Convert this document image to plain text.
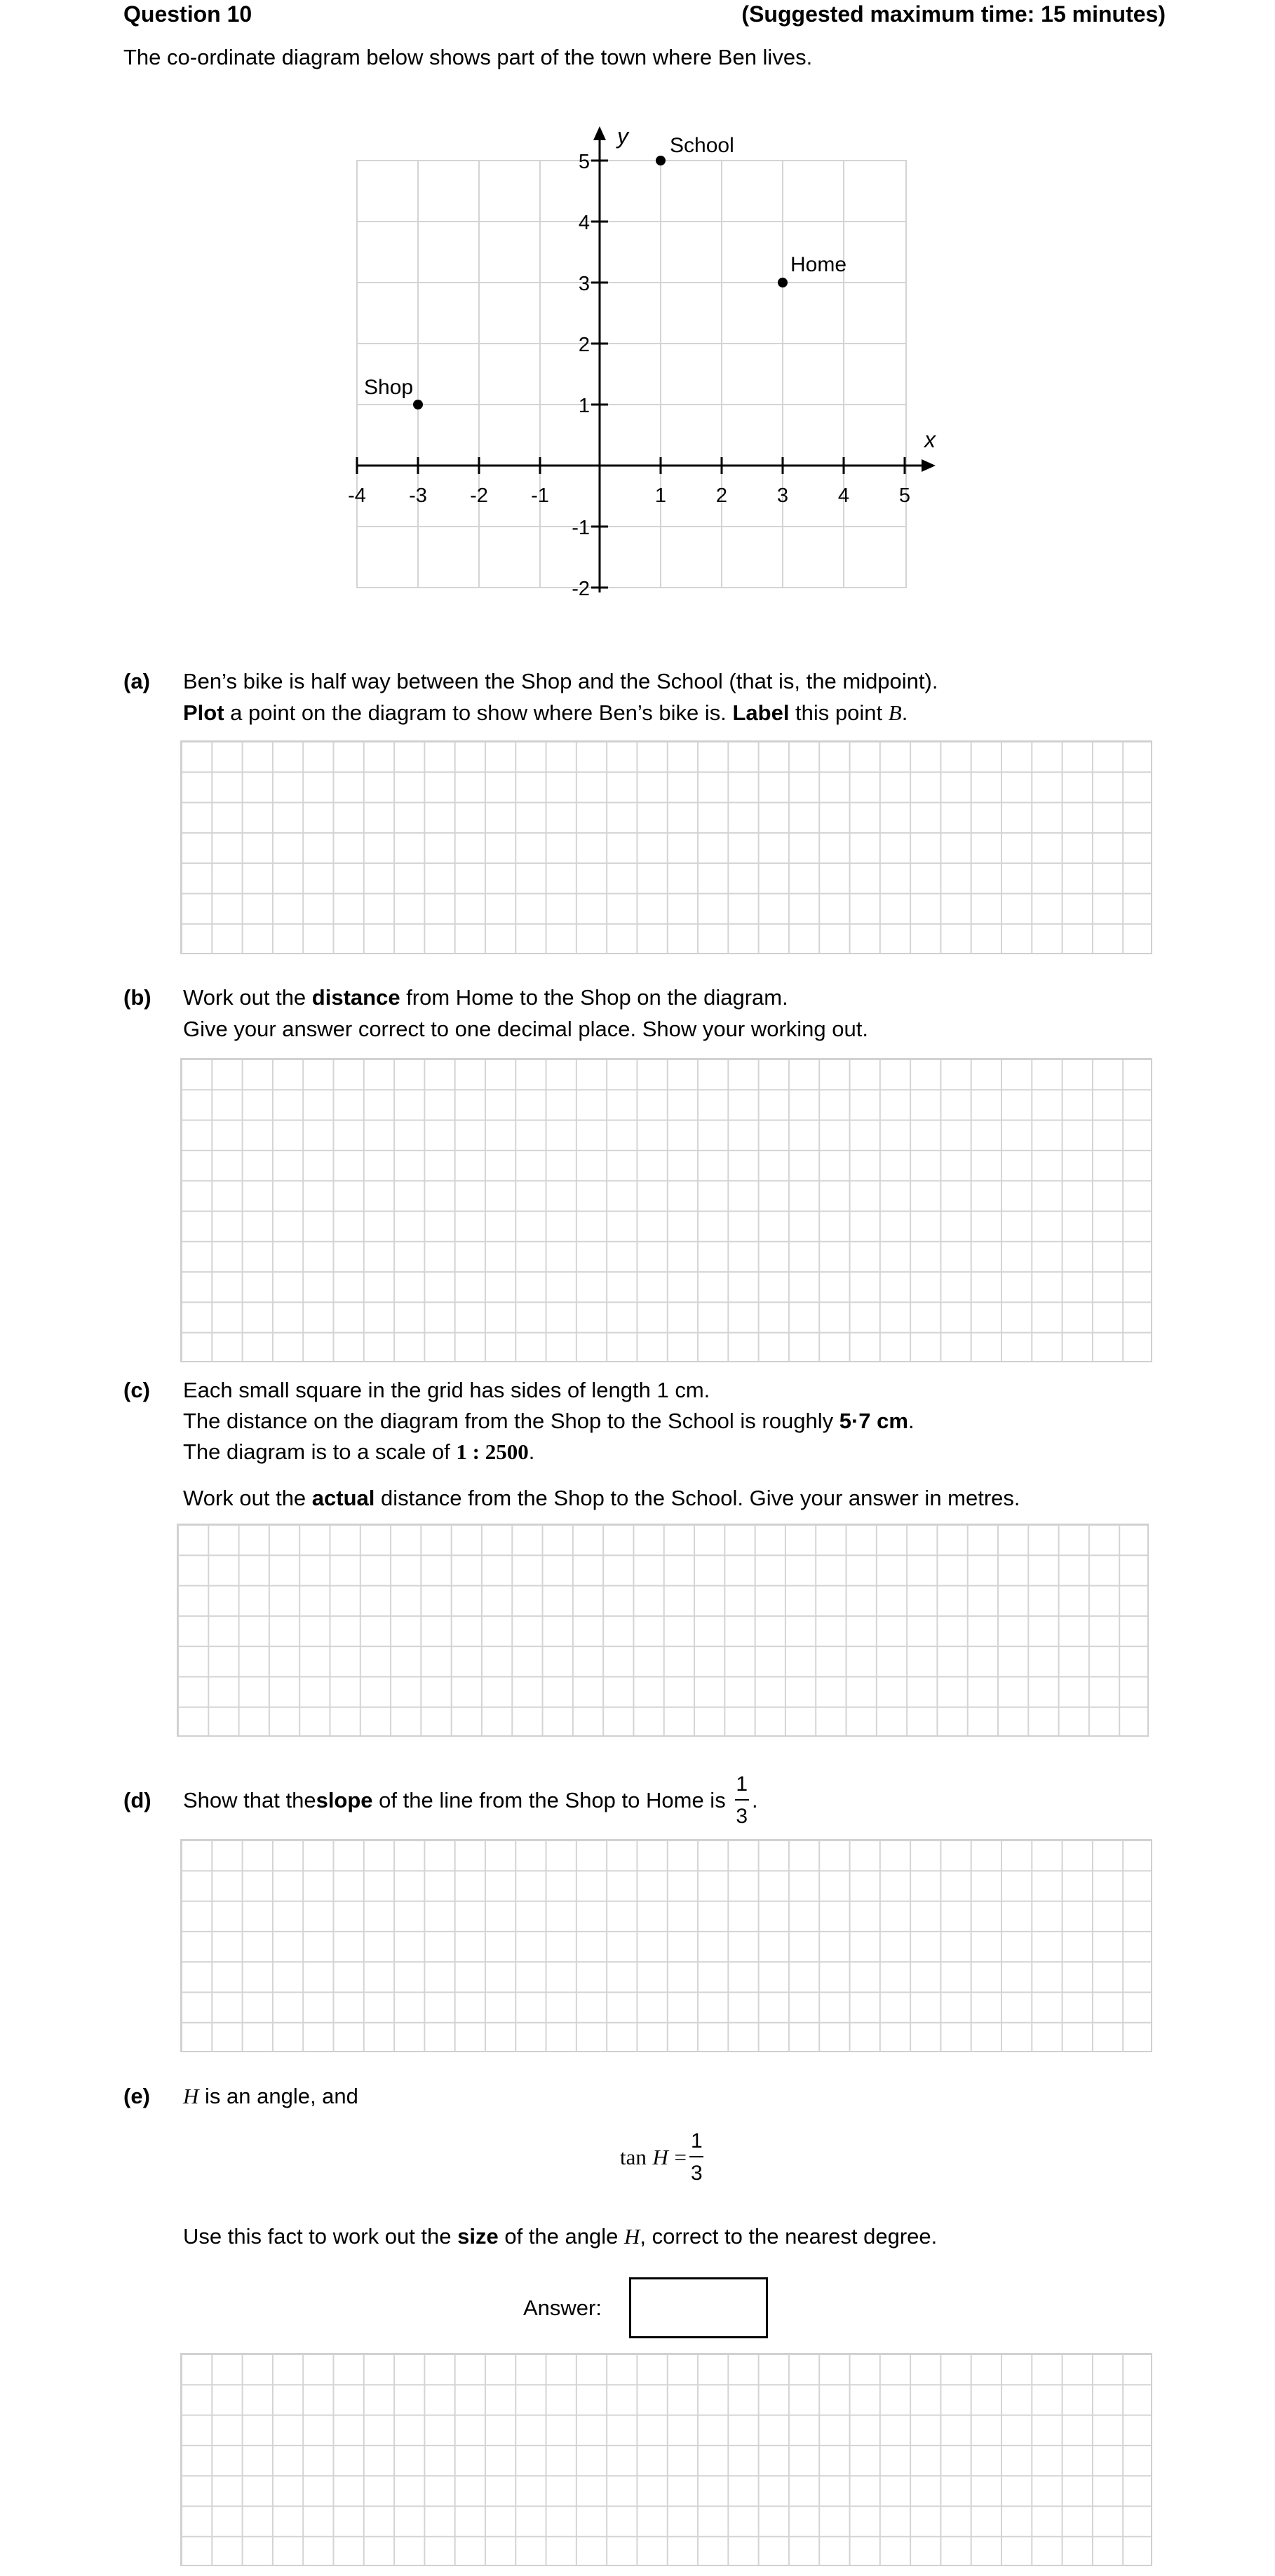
Question 10	(Suggested maximum time: 15 minutes)
The co-ordinate diagram below shows part of the town where Ben lives.
y
x
-4 -3 -2 -1	1 2 3 4 5
5
4
3
2
1
-1
-2
School
Home
Shop
(a) Ben’s bike is half way between the Shop and the School (that is, the midpoint).
Plot a point on the diagram to show where Ben’s bike is. Label this point B.
(b) Work out the distance from Home to the Shop on the diagram.
Give your answer correct to one decimal place. Show your working out.
(c) Each small square in the grid has sides of length 1 cm.
The distance on the diagram from the Shop to the School is roughly 5·7 cm.
The diagram is to a scale of 1 : 2500.
Work out the actual distance from the Shop to the School. Give your answer in metres.
(d) Show that the slope of the line from the Shop to Home is $\frac{1}{3}$ .
(e) H is an angle, and
tan
H
= $\frac{1}{3}$
Use this fact to work out the size of the angle H, correct to the nearest degree.
Answer:
